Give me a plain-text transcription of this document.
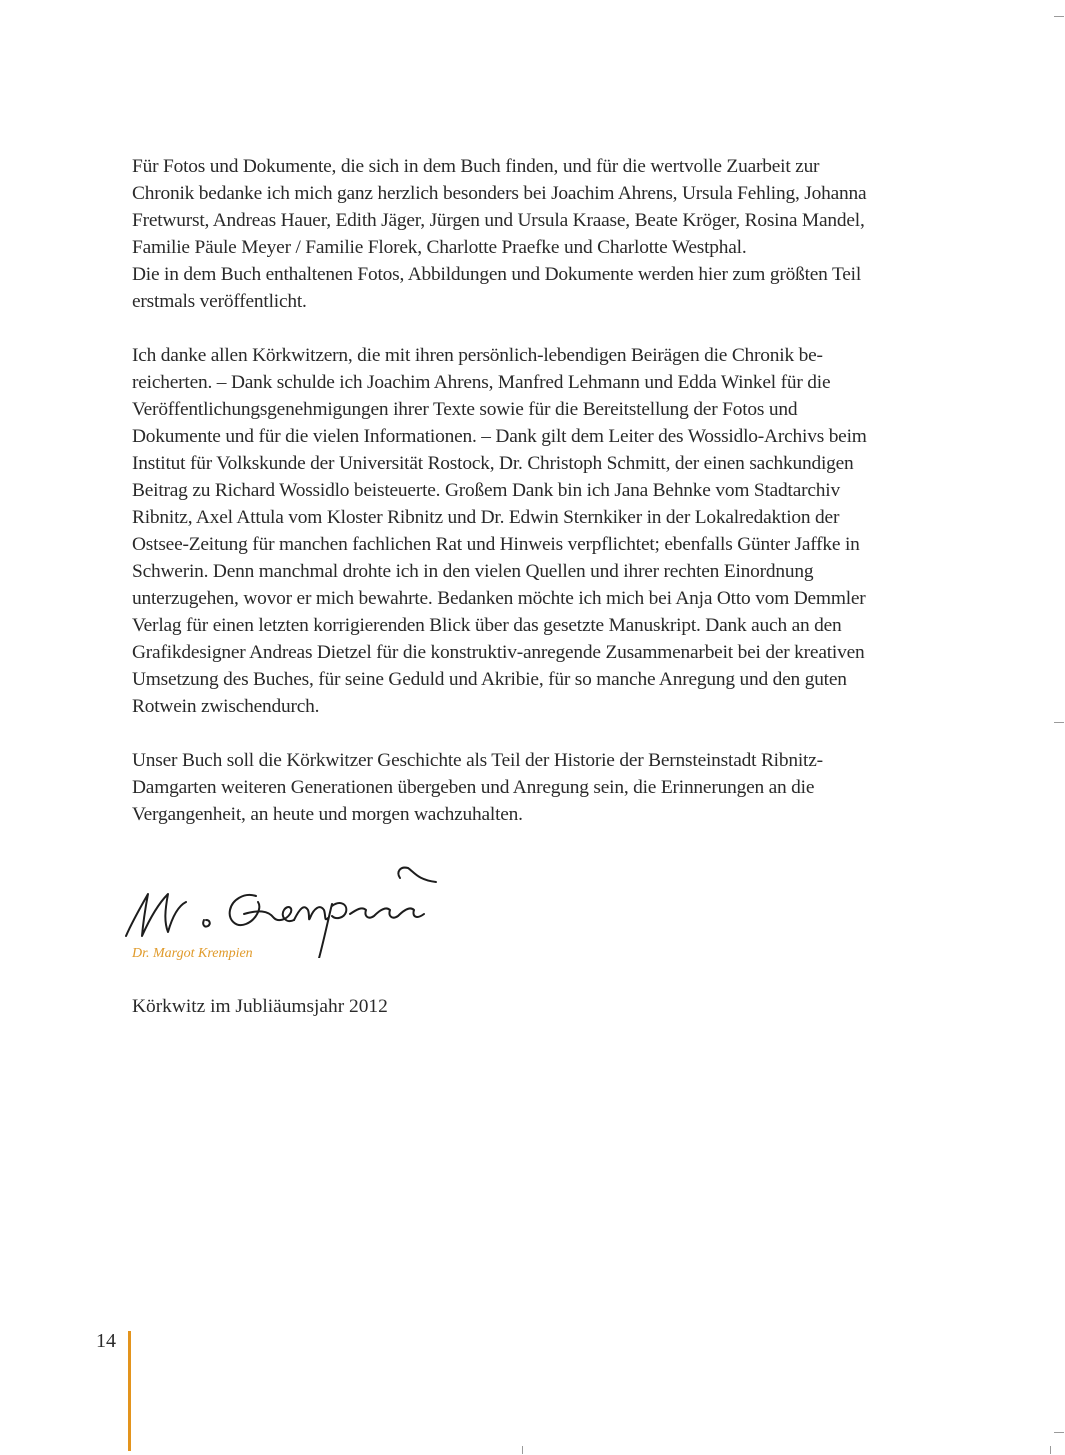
Für Fotos und Dokumente, die sich in dem Buch finden, und für die wertvolle Zuarbeit zur
Chronik bedanke ich mich ganz herzlich besonders bei Joachim Ahrens, Ursula Fehling, Johanna
Fretwurst, Andreas Hauer, Edith Jäger, Jürgen und Ursula Kraase, Beate Kröger, Rosina Mandel,
Familie Päule Meyer / Familie Florek, Charlotte Praefke und Charlotte Westphal.
Die in dem Buch enthaltenen Fotos, Abbildungen und Dokumente werden hier zum größten Teil
erstmals veröffentlicht.

Ich danke allen Körkwitzern, die mit ihren persönlich-lebendigen Beirägen die Chronik be-
reicherten. – Dank schulde ich Joachim Ahrens, Manfred Lehmann und Edda Winkel für die
Veröffentlichungsgenehmigungen ihrer Texte sowie für die Bereitstellung der Fotos und
Dokumente und für die vielen Informationen. – Dank gilt dem Leiter des Wossidlo-Archivs beim
Institut für Volkskunde der Universität Rostock, Dr. Christoph Schmitt, der einen sachkundigen
Beitrag zu Richard Wossidlo beisteuerte. Großem Dank bin ich Jana Behnke vom Stadtarchiv
Ribnitz, Axel Attula vom Kloster Ribnitz und Dr. Edwin Sternkiker in der Lokalredaktion der
Ostsee-Zeitung für manchen fachlichen Rat und Hinweis verpflichtet; ebenfalls Günter Jaffke in
Schwerin. Denn manchmal drohte ich in den vielen Quellen und ihrer rechten Einordnung
unterzugehen, wovor er mich bewahrte. Bedanken möchte ich mich bei Anja Otto vom Demmler
Verlag für einen letzten korrigierenden Blick über das gesetzte Manuskript. Dank auch an den
Grafikdesigner Andreas Dietzel für die konstruktiv-anregende Zusammenarbeit bei der kreativen
Umsetzung des Buches, für seine Geduld und Akribie, für so manche Anregung und den guten
Rotwein zwischendurch.

Unser Buch soll die Körkwitzer Geschichte als Teil der Historie der Bernsteinstadt Ribnitz-
Damgarten weiteren Generationen übergeben und Anregung sein, die Erinnerungen an die
Vergangenheit, an heute und morgen wachzuhalten.

Dr. Margot Krempien
Körkwitz im Jubliäumsjahr 2012
14
